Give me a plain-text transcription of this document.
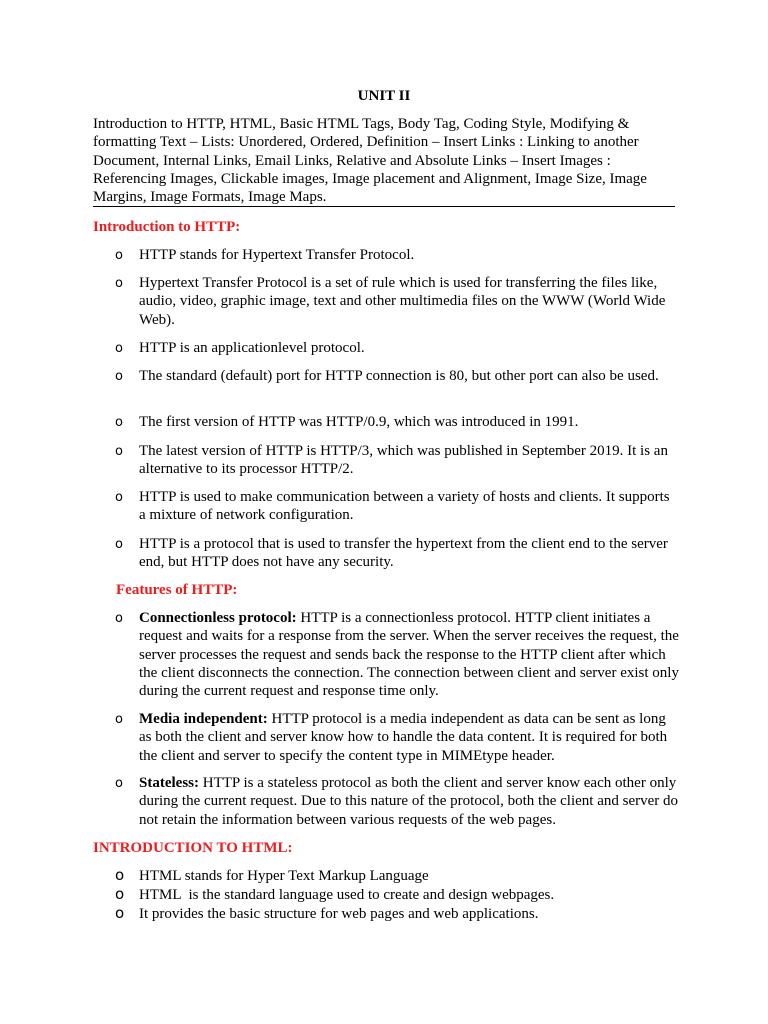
UNIT II
Introduction to HTTP, HTML, Basic HTML Tags, Body Tag, Coding Style, Modifying & formatting Text – Lists: Unordered, Ordered, Definition – Insert Links : Linking to another Document, Internal Links, Email Links, Relative and Absolute Links – Insert Images : Referencing Images, Clickable images, Image placement and Alignment, Image Size, Image Margins, Image Formats, Image Maps.
Introduction to HTTP:
o HTTP stands for Hypertext Transfer Protocol.
o Hypertext Transfer Protocol is a set of rule which is used for transferring the files like, audio, video, graphic image, text and other multimedia files on the WWW (World Wide Web).
o HTTP is an applicationlevel protocol.
o The standard (default) port for HTTP connection is 80, but other port can also be used.
o The first version of HTTP was HTTP/0.9, which was introduced in 1991.
o The latest version of HTTP is HTTP/3, which was published in September 2019. It is an alternative to its processor HTTP/2.
o HTTP is used to make communication between a variety of hosts and clients. It supports a mixture of network configuration.
o HTTP is a protocol that is used to transfer the hypertext from the client end to the server end, but HTTP does not have any security.
Features of HTTP:
o Connectionless protocol: HTTP is a connectionless protocol. HTTP client initiates a request and waits for a response from the server. When the server receives the request, the server processes the request and sends back the response to the HTTP client after which the client disconnects the connection. The connection between client and server exist only during the current request and response time only.
o Media independent: HTTP protocol is a media independent as data can be sent as long as both the client and server know how to handle the data content. It is required for both the client and server to specify the content type in MIMEtype header.
o Stateless: HTTP is a stateless protocol as both the client and server know each other only during the current request. Due to this nature of the protocol, both the client and server do not retain the information between various requests of the web pages.
INTRODUCTION TO HTML:
o HTML stands for Hyper Text Markup Language
o HTML  is the standard language used to create and design webpages.
o It provides the basic structure for web pages and web applications.
